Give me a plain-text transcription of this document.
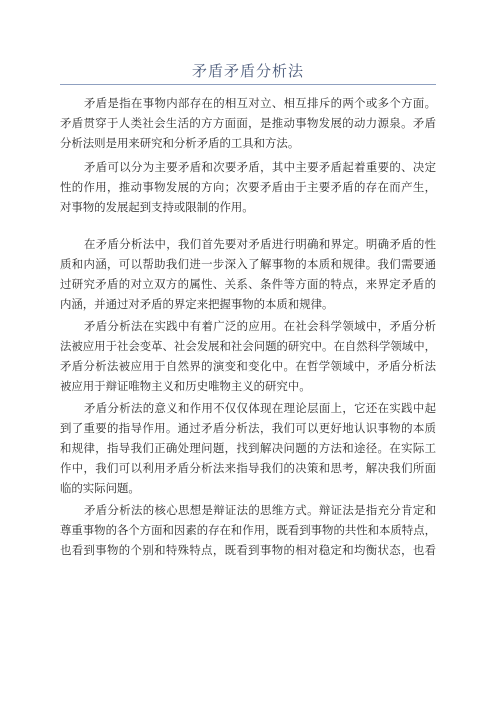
矛盾矛盾分析法

矛盾是指在事物内部存在的相互对立、相互排斥的两个或多个方面。
矛盾贯穿于人类社会生活的方方面面，是推动事物发展的动力源泉。矛盾
分析法则是用来研究和分析矛盾的工具和方法。

矛盾可以分为主要矛盾和次要矛盾，其中主要矛盾起着重要的、决定
性的作用，推动事物发展的方向；次要矛盾由于主要矛盾的存在而产生，
对事物的发展起到支持或限制的作用。

在矛盾分析法中，我们首先要对矛盾进行明确和界定。明确矛盾的性
质和内涵，可以帮助我们进一步深入了解事物的本质和规律。我们需要通
过研究矛盾的对立双方的属性、关系、条件等方面的特点，来界定矛盾的
内涵，并通过对矛盾的界定来把握事物的本质和规律。

矛盾分析法在实践中有着广泛的应用。在社会科学领域中，矛盾分析
法被应用于社会变革、社会发展和社会问题的研究中。在自然科学领域中，
矛盾分析法被应用于自然界的演变和变化中。在哲学领域中，矛盾分析法
被应用于辩证唯物主义和历史唯物主义的研究中。

矛盾分析法的意义和作用不仅仅体现在理论层面上，它还在实践中起
到了重要的指导作用。通过矛盾分析法，我们可以更好地认识事物的本质
和规律，指导我们正确处理问题，找到解决问题的方法和途径。在实际工
作中，我们可以利用矛盾分析法来指导我们的决策和思考，解决我们所面
临的实际问题。

矛盾分析法的核心思想是辩证法的思维方式。辩证法是指充分肯定和
尊重事物的各个方面和因素的存在和作用，既看到事物的共性和本质特点，
也看到事物的个别和特殊特点，既看到事物的相对稳定和均衡状态，也看
